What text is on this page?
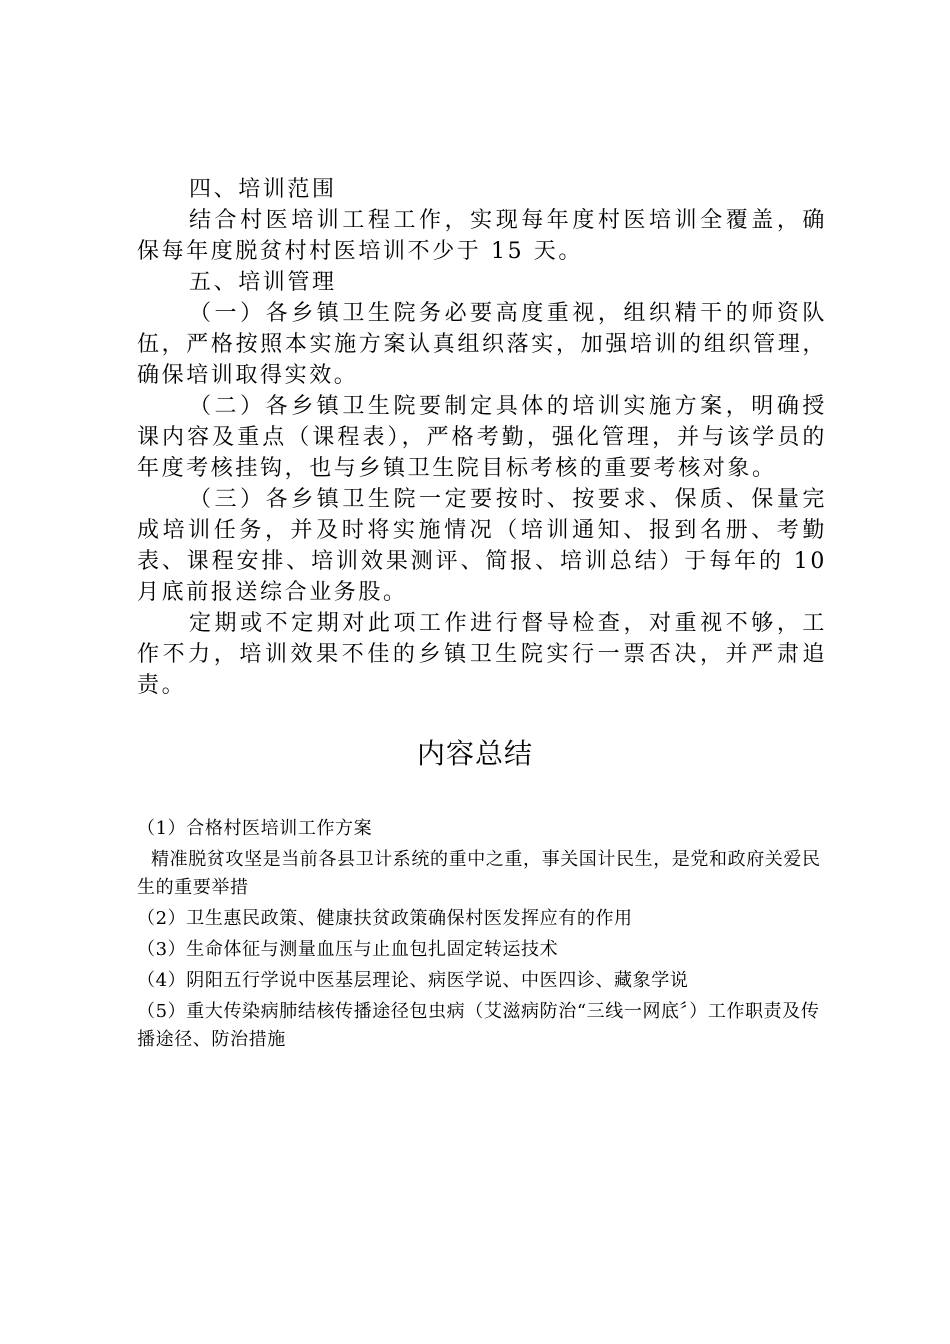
四、培训范围

结合村医培训工程工作，实现每年度村医培训全覆盖，确保每年度脱贫村村医培训不少于 15 天。

五、培训管理

（一）各乡镇卫生院务必要高度重视，组织精干的师资队伍，严格按照本实施方案认真组织落实，加强培训的组织管理，确保培训取得实效。

（二）各乡镇卫生院要制定具体的培训实施方案，明确授课内容及重点（课程表），严格考勤，强化管理，并与该学员的年度考核挂钩，也与乡镇卫生院目标考核的重要考核对象。

（三）各乡镇卫生院一定要按时、按要求、保质、保量完成培训任务，并及时将实施情况（培训通知、报到名册、考勤表、课程安排、培训效果测评、简报、培训总结）于每年的 10 月底前报送综合业务股。

定期或不定期对此项工作进行督导检查，对重视不够，工作不力，培训效果不佳的乡镇卫生院实行一票否决，并严肃追责。

内容总结

（1）合格村医培训工作方案

精准脱贫攻坚是当前各县卫计系统的重中之重，事关国计民生，是党和政府关爱民生的重要举措

（2）卫生惠民政策、健康扶贫政策确保村医发挥应有的作用

（3）生命体征与测量血压与止血包扎固定转运技术

（4）阴阳五行学说中医基层理论、病医学说、中医四诊、藏象学说

（5）重大传染病肺结核传播途径包虫病（艾滋病防治“三线一网底〞）工作职责及传播途径、防治措施
